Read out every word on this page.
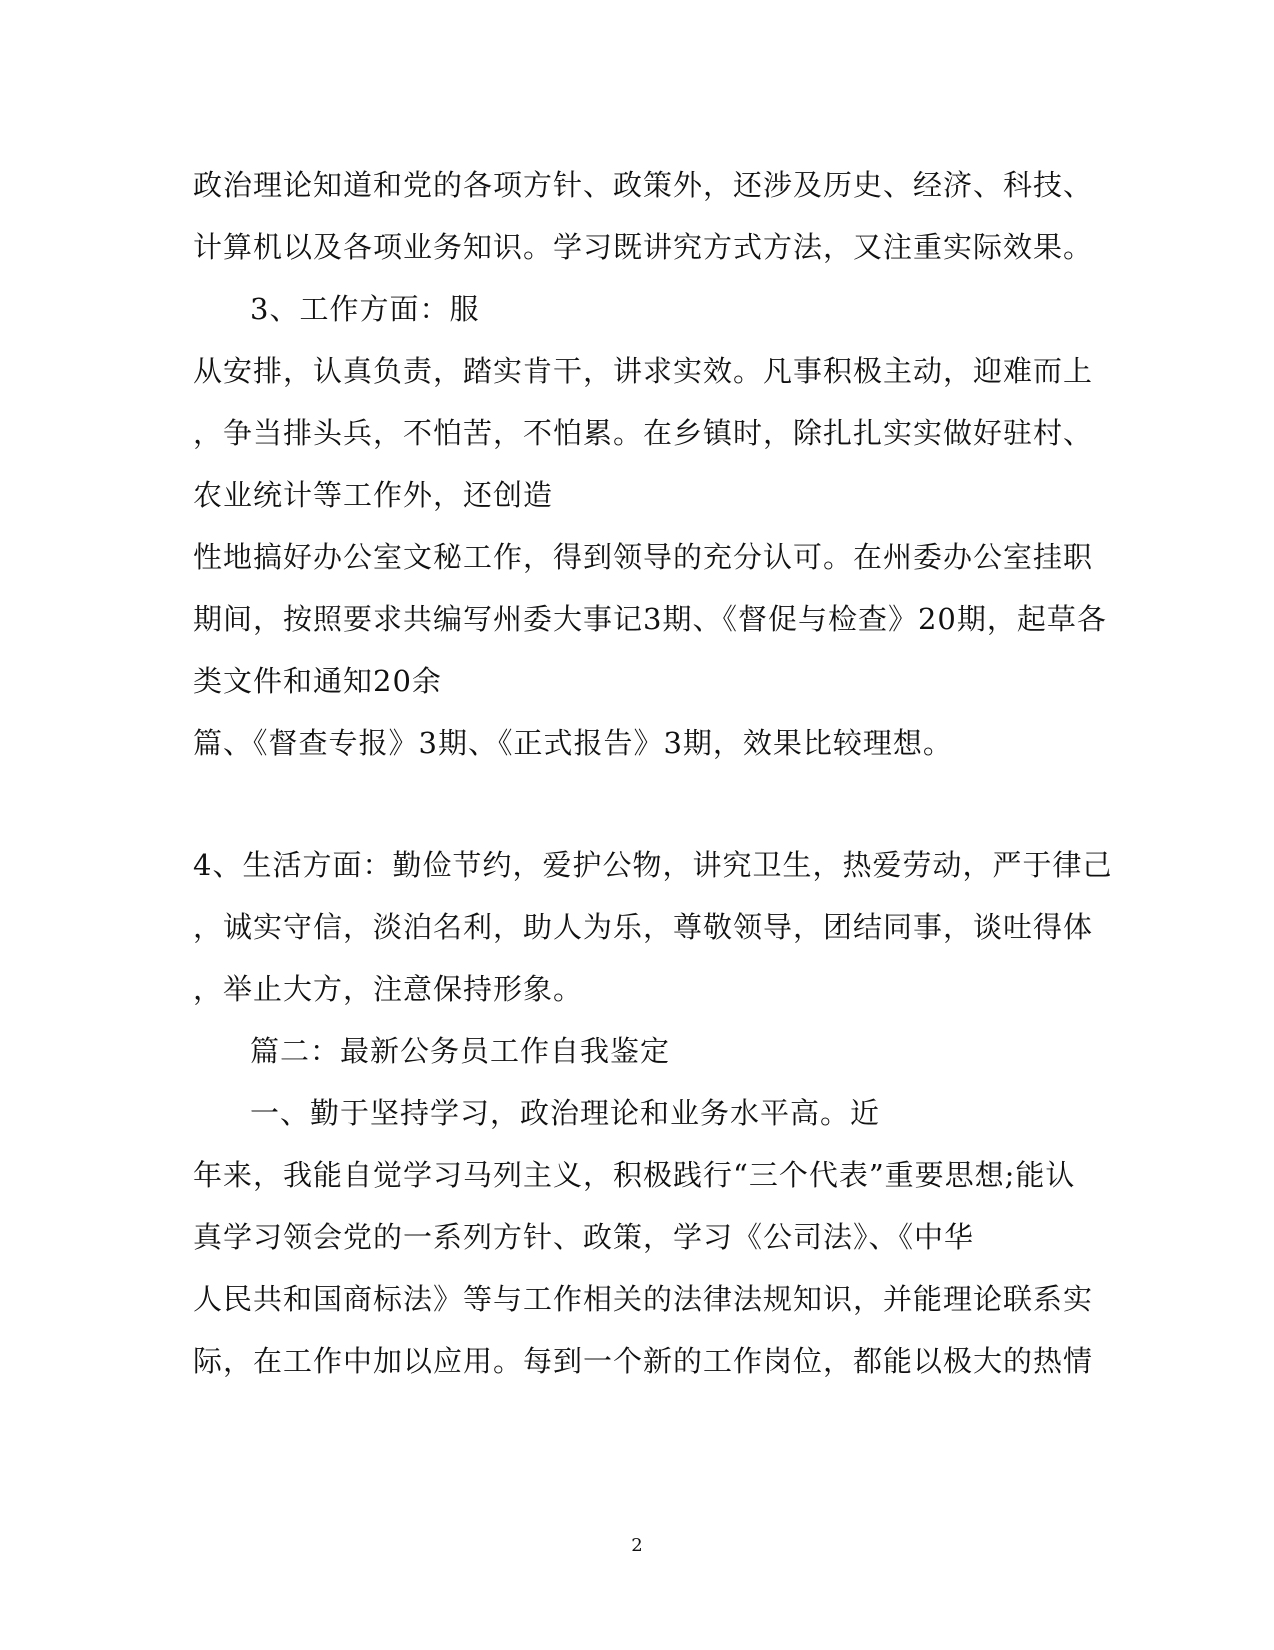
政治理论知道和党的各项方针、政策外，还涉及历史、经济、科技、
计算机以及各项业务知识。学习既讲究方式方法，又注重实际效果。
3、工作方面：服
从安排，认真负责，踏实肯干，讲求实效。凡事积极主动，迎难而上
，争当排头兵，不怕苦，不怕累。在乡镇时，除扎扎实实做好驻村、
农业统计等工作外，还创造
性地搞好办公室文秘工作，得到领导的充分认可。在州委办公室挂职
期间，按照要求共编写州委大事记3期、《督促与检查》20期，起草各
类文件和通知20余
篇、《督查专报》3期、《正式报告》3期，效果比较理想。
4、生活方面：勤俭节约，爱护公物，讲究卫生，热爱劳动，严于律己
，诚实守信，淡泊名利，助人为乐，尊敬领导，团结同事，谈吐得体
，举止大方，注意保持形象。
篇二：最新公务员工作自我鉴定
一、勤于坚持学习，政治理论和业务水平高。近
年来，我能自觉学习马列主义，积极践行“三个代表”重要思想;能认
真学习领会党的一系列方针、政策，学习《公司法》、《中华
人民共和国商标法》等与工作相关的法律法规知识，并能理论联系实
际，在工作中加以应用。每到一个新的工作岗位，都能以极大的热情
2
